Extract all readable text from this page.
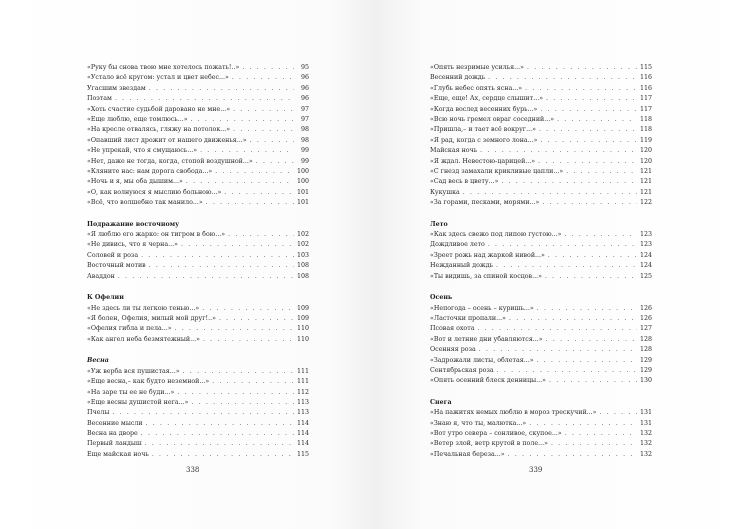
«Руку бы снова твою мне хотелось пожать!..» . . .	95
«Устало всё кругом: устал и цвет небес...» . . .	96
Угасшим звездам . . .	96
Поэтам . . .	96
«Хоть счастие судьбой даровано не мне...» . . .	97
«Еще люблю, еще томлюсь...» . . .	97
«На кресле отвалясь, гляжу на потолок...» . . .	98
«Опавший лист дрожит от нашего движенья...» . . .	98
«Не упрекай, что я смущаюсь...» . . .	99
«Нет, даже не тогда, когда, стопой воздушной...» . . .	99
«Кляните нас: нам дорога свобода...» . . .	100
«Ночь и я, мы оба дышим...» . . .	100
«О, как волнуюся я мыслию больною...» . . .	101
«Всё, что волшебно так манило...» . . .	101
Подражание восточному
«Я люблю его жарко: он тигром в бою...» . . .	102
«Не дивись, что я черна...» . . .	102
Соловей и роза . . .	103
Восточный мотив . . .	108
Аваддон . . .	108
К Офелии
«Не здесь ли ты легкою тенью...» . . .	109
«Я болен, Офелия, милый мой друг!..» . . .	109
«Офелия гибла и пела...» . . .	110
«Как ангел неба безмятежный...» . . .	110
Весна
«Уж верба вся пушистая...» . . .	111
«Еще весна,– как будто неземной...» . . .	111
«На заре ты ее не буди...» . . .	112
«Еще весны душистой нега...» . . .	113
Пчелы . . .	113
Весенние мысли . . .	114
Весна на дворе . . .	114
Первый ландыш . . .	114
Еще майская ночь . . .	115
338
«Опять незримые усилья...» . . .	115
Весенний дождь . . .	116
«Глубь небес опять ясна...» . . .	116
«Еще, еще! Ах, сердце слышит...» . . .	117
«Когда вослед весенних бурь...» . . .	117
«Всю ночь гремел овраг соседний...» . . .	118
«Пришла,– и тает всё вокруг...» . . .	118
«Я рад, когда с земного лона...» . . .	119
Майская ночь . . .	120
«Я ждал. Невестою-царицей...» . . .	120
«С гнезд замахали крикливые цапли...» . . .	121
«Сад весь в цвету...» . . .	121
Кукушка . . .	121
«За горами, песками, морями...» . . .	122
Лето
«Как здесь свежо под липою густою...» . . .	123
Дождливое лето . . .	123
«Зреет рожь над жаркой нивой...» . . .	124
Нежданный дождь . . .	124
«Ты видишь, за спиной косцов...» . . .	125
Осень
«Непогода – осень – куришь...» . . .	126
«Ласточки пропали...» . . .	126
Псовая охота . . .	127
«Вот и летние дни убавляются...» . . .	128
Осенняя роза . . .	128
«Задрожали листы, облетая...» . . .	129
Сентябрьская роза . . .	129
«Опять осенний блеск денницы...» . . .	130
Снега
«На пажитях немых люблю в мороз трескучий...» . . .	131
«Знаю я, что ты, малютка...» . . .	131
«Вот утро севера – сонливое, скупое...» . . .	132
«Ветер злой, ветр крутой в поле...» . . .	132
«Печальная береза...» . . .	132
339
